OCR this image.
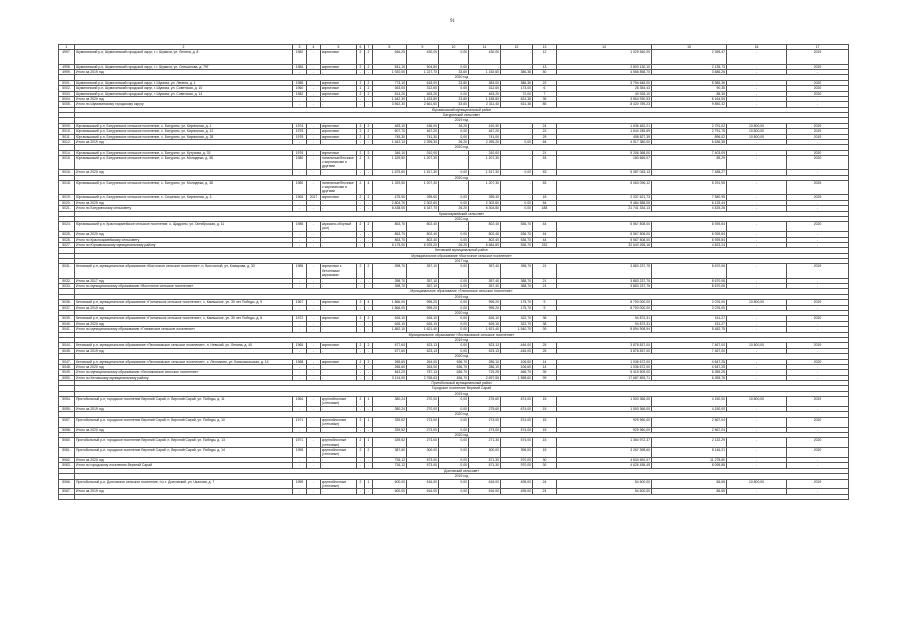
91
1	2	3	4	5	6	7	8	9	10	11	12	13	14	15	16	17
4997.	Шумихинский р-н, Шумихинский городской округ, г. г. Шумиха, ул. Ленина, д. 8	1982	-	кирпичные	2	2	646,20	430,00	0,00	430,00	-	12	1 029 560,00	2 395,47	-	2019
4998.	Шумихинский р-н, Шумихинский городской округ, г. г. Шумиха, ул. Спешилова, д. 79Г	1984	-	кирпичные	2	2	541,10	504,50	0,00	-	-	13	2 803 130,10	2 135,73	-	2019
4999.	Итого за 2019 год	-	-	-	-	-	1 920,00	1 227,70	33,60	1 152,60	386,36	50	4 556 858,70	3 686,26	-	-
	2020 год															
5001.	Шумихинский р-н, Шумихинский городской округ, г. Шумиха, ул. Ленина, д. 1	1985	-	кирпичные	2	2	773,10	618,00	23,80	383,00	386,36	22	3 794 648,00	5 985,36	-	2020
5002.	Шумихинский р-н, Шумихинский городской округ, г. Шумиха, ул. Советская, д. 10	1960	-	кирпичные	1	2	363,00	312,60	0,00	312,60	173,00	6	28 354,43	90,35	-	2020
5003.	Шумихинский р-н, Шумихинский городской округ, г. Шумиха, ул. Советская, д. 14	1982	-	кирпичные	2	2	514,20	463,20	0,00	463,20	72,00	7	40 928,10	88,35	-	2020
5004.	Итого за 2020 год	-	-	-	-	-	1 642,30	1 433,80	23,80	1 158,80	631,36	35	3 863 930,53	6 164,06	-	-
5005.	Итого по Шумихинскому городскому округу	-	-	-	-	-	3 562,30	2 661,50	53,60	2 311,40	631,36	85	8 420 789,23	9 850,32	-	-
	Юргамышский муниципальный район															
	Батуринский сельсовет															
	2019 год															
5009.	Юргамышский р-н, Батуринское сельское поселение, с. Батурино, ул. Кирпичная, д. 1	1974	-	кирпичные	2	2	483,10	436,00	26,20	410,40	-	24	1 636 462,21	2 791,02	10 800,00	2019
5010.	Юргамышский р-н, Батуринское сельское поселение, с. Батурино, ул. Кирпичная, д. 12	1975	-	кирпичные	2	2	507,70	467,20	0,00	467,20	-	22	1 644 285,69	2 791,75	10 800,00	2019
5011.	Юргамышский р-н, Батуринское сельское поселение, с. Батурино, ул. Кирпичная, д. 28	1978	-	кирпичные	2	2	745,30	741,30	0,00	741,00	-	29	498 827,39	896,02	10 800,00	2019
5012.	Итого за 2019 год	-	-	-	-	-	1 642,10	2 395,30	26,20	2 395,20	0,00	64	4 317 380,00	6 636,38	-	-
	2020 год															
5014.	Юргамышский р-н, Батуринское сельское поселение, с. Батурино, ул. Кутузова, д. 33	1976	-	кирпичные	2	2	346,10	310,00	-	310,00	-	21	5 206 368,00	7 403,09	-	2020
5015.	Юргамышский р-н, Батуринское сельское поселение, с. Батурино, ул. Молодежи, д. 38	1980	-	панельные/блочные с кирпичными и другими	2	3	1 329,50	1 207,30	-	1 207,30	-	53	180 669,07	85,29	-	2020
5016.	Итого за 2020 год	-	-	-	-	-	1 675,60	1 517,30	0,00	1 517,30	0,00	63	5 387 045,13	7 488,27	-	-
	2020 год															
5018.	Юргамышский р-н, Батуринское сельское поселение, с. Батурино, ул. Молодежи, д. 38	1980	-	панельные/блочные с кирпичными и другими	2	4	1 329,50	1 207,30	-	1 207,30	-	53	5 063 096,12	5 291,95	-	2025
5019.	Юргамышский р-н, Батуринское сельское поселение, с. Скорняки, ул. Кирпичная, д. 3	1963	2017	кирпичные	2	2	475,50	395,60	0,00	395,40	-	18	2 337 621,73	7 580,95	-	2025
5020.	Итого за 2025 год	-	-	-	-	-	2 804,70	2 302,60	0,00	2 302,60	0,00	64	9 484 588,05	6 125,44	-	-
5021.	Итого по Батуринскому сельсовету	-	-	-	-	-	6 438,00	6 347,70	26,20	6 304,80	0,00	188	21 741 334,13	4 525,26	-	-
	Красноармейский сельсовет															
	2020 год															
5024.	Юргамышский р-н, Красноармейское сельское поселение, с. Щадрино, ул. Октябрьская, д. 11	1985	-	каркасно-сборный (шл)	2	2	863,70	802,40	-	802,40	536,70	44	5 567 808,00	6 939,84	-	2020
5025.	Итого за 2020 год	-	-	-	-	-	863,70	802,40	0,00	802,40	536,70	44	5 567 808,00	6 939,84	-	-
5026.	Итого по Красноармейскому сельсовету	-	-	-	-	-	863,70	802,40	0,00	802,40	536,70	44	5 567 808,00	6 939,84	-	-
5027.	Итого по Юргамышскому муниципальному району	-	-	-	-	-	6 175,00	6 925,20	26,20	6 684,80	536,70	232	32 640 265,16	4 823,24	-	-
	Кетовский муниципальный район															
	Муниципальное образование «Восточное сельское поселение»															
	2017 год															
5031.	Кетовский р-н, муниципальное образование «Восточное сельское поселение», п. Восточный, ул. Комарова, д. 33	1985	-	кирпичные с бетонными каркасами	2	2	398,70	357,10	0,00	357,40	398,70	21	3 883 237,75	8 670,06	-	2019
5032.	Итого за 2017 год	-	-	-	-	-	398,70	357,10	0,00	357,40	388,70	21	3 883 237,75	8 670,06	-	-
5033.	Итого по муниципальному образованию «Восточное сельское поселение»	-	-	-	-	-	398,70	357,10	0,00	357,40	388,70	21	3 883 237,75	8 670,06	-	-
	Муниципальное образование «Глининское сельское поселение»															
	2019 год															
5036.	Кетовский р-н, муниципальное образование «Глининское сельское поселение», с. Камышное, ул. 30 лет Победы, д. 9	1967	-	кирпичные	2	4	1 866,00	995,20	0,00	995,20	175,70	9	8 700 000,00	2 076,00	10 800,00	2019
5037.	Итого за 2019 год	-	-	-	-	-	1 866,00	995,20	0,00	995,20	175,70	9	8 700 000,00	2 076,00	-	-
	2020 год															
5039.	Кетовский р-н, муниципальное образование «Глининское сельское поселение», с. Камышное, ул. 30 лет Победы, д. 8	1972	-	кирпичные	2	2	626,10	626,10	0,00	626,10	322,70	38	94 872,31	151,27	-	2020
5040.	Итого за 2020 год	-	-	-	-	-	626,10	626,10	0,00	626,10	322,70	38	94 872,31	151,27	-	-
5041.	Итого по муниципальному образованию «Глининское сельское поселение»	-	-	-	-	-	1 882,10	1 621,40	0,00	1 621,40	1 540,70	39	8 894 908,94	5 482,75	-	-
	Муниципальное образование «Лесниковское сельское поселение»															
	2019 год															
5044.	Кетовский р-н, муниципальное образование «Лесниковское сельское поселение», п. Невский, ул. Ленина, д. 40	1965	-	кирпичные	2	2	577,60	523,13	0,00	523,13	-446,00	25	3 878 837,00	7 467,00	10 800,00	2019
5045.	Итого за 2019 год	-	-	-	-	-	577,60	523,13	0,00	523,13	-446,00	25	3 878 837,00	7 467,00	-	-
	2020 год															
5047.	Кетовский р-н, муниципальное образование «Лесниковское сельское поселение», с. Лесниково, ул. Комсомольская, д. 14	1968	-	кирпичные	2	2	265,60	264,00	636,70	286,10	106,60	14	1 036 672,00	4 647,25	-	2020
5048.	Итого за 2020 год	-	-	-	-	-	265,60	264,00	636,70	286,10	106,60	14	1 036 672,00	4 647,25	-	-
5049.	Итого по муниципальному образованию «Лесниковское сельское поселение»	-	-	-	-	-	843,20	787,13	636,70	719,25	466,70	39	5 415 509,00	6 359,25	-	-
5050.	Итого по Кетовскому муниципальному району	-	-	-	-	-	3 124,00	2 765,63	636,70	2 697,55	1 558,60	99	17 687 893,71	6 395,76	-	-
	Притобольный муниципальный район															
	Городское поселение Верхний Сарай															
	2019 год															
5054.	Притобольный р-н, городское поселение Верхний Сарай, п. Верхний Сарай, ул. Победы, д. 11	1964	-	крупноблочные (стеновые)	2	1	380,24	270,00	0,00	275,60	674,00	15	1 500 366,00	4 150,00	10 800,00	2019
5055.	Итого за 2019 год	-	-	-	-	-	380,24	270,00	0,00	275,60	674,00	15	1 500 366,00	4 150,00	-	-
	2020 год															
5057.	Притобольный р-н, городское поселение Верхний Сарай, п. Верхний Сарай, ул. Победы, д. 10	1971	-	крупноблочные (стеновые)	2	1	339,52	273,00	0,00	273,00	574,00	15	929 960,00	2 567,04	-	2020
5058.	Итого за 2020 год	-	-	-	-	-	339,52	273,00	0,00	273,00	574,00	15	929 960,00	2 567,04	-	-
	2020 год															
5060.	Притобольный р-н, городское поселение Верхний Сарай, п. Верхний Сарай, ул. Победы, д. 13	1971	-	крупноблочные (стеновые)	2	1	339,52	273,00	0,00	271,30	574,00	15	1 364 972,37	2 132,29	-	2020
5061.	Притобольный р-н, городское поселение Верхний Сарай, п. Верхний Сарай, ул. Победы, д. 14	1955	-	крупноблочные (стеновые)	2	2	387,60	300,00	0,00	300,00	396,00	15	3 267 398,60	8 146,21	-	2020
5062.	Итого за 2020 год	-	-	-	-	-	726,12	573,00	0,00	571,30	970,00	30	4 634 692,07	11 278,80	-	-
5063.	Итого по городскому поселению Верхний Сарай	-	-	-	-	-	726,12	573,00	0,00	571,30	970,00	30	4 626 458,45	8 095,88	-	-
	Долговский сельсовет															
	2019 год															
5066.	Притобольный р-н, Долговское сельское поселение, п.с.т. Долговский, ул. Чкалова, д. 7	1959	-	крупноблочные (стеновые)	2	1	600,00	616,00	0,00	616,00	495,00	24	54 600,00	86,65	10 800,00	2019
5067.	Итого за 2019 год	-	-	-	-	-	600,00	616,00	0,00	616,00	495,00	24	54 600,00	86,65	-	-
